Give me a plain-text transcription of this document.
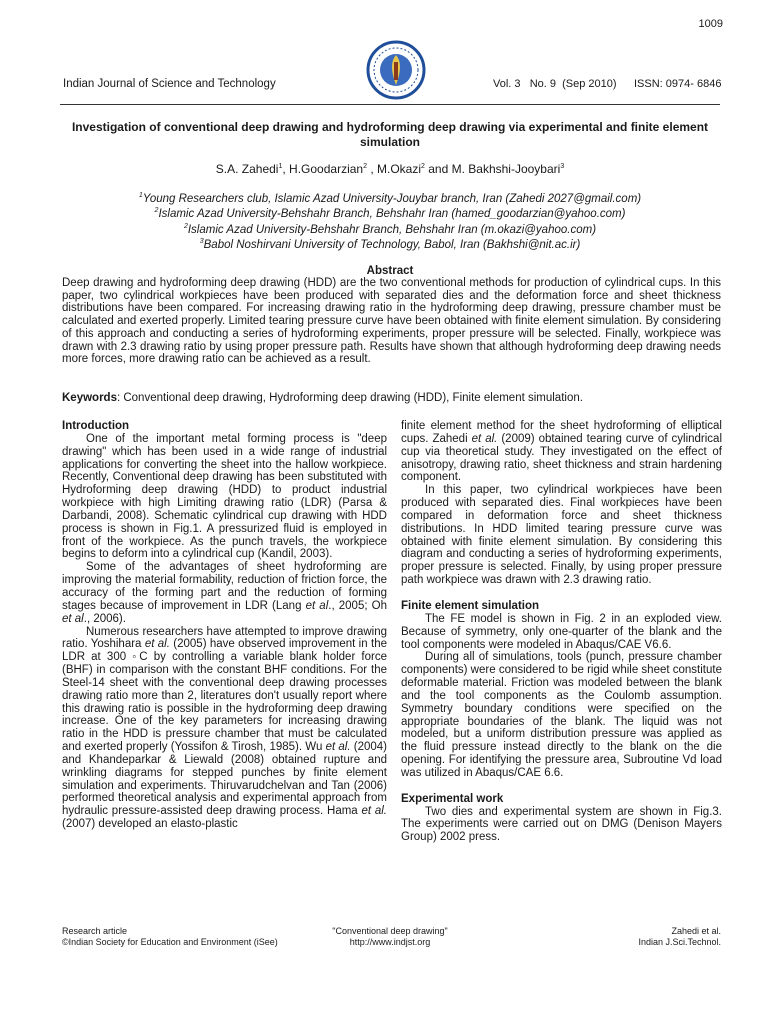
1009
Indian Journal of Science and Technology	Vol. 3   No. 9  (Sep 2010) ISSN: 0974- 6846
Investigation of conventional deep drawing and hydroforming deep drawing via experimental and finite element simulation
S.A. Zahedi$^1$, H.Goodarzian$^2$ , M.Okazi$^2$ and M. Bakhshi-Jooybari$^3$
$^1$Young Researchers club, Islamic Azad University-Jouybar branch, Iran (Zahedi 2027@gmail.com)
$^2$Islamic Azad University-Behshahr Branch, Behshahr Iran (hamed_goodarzian@yahoo.com)
$^2$Islamic Azad University-Behshahr Branch, Behshahr Iran (m.okazi@yahoo.com)
$^3$Babol Noshirvani University of Technology, Babol, Iran (Bakhshi@nit.ac.ir)
Abstract
Deep drawing and hydroforming deep drawing (HDD) are the two conventional methods for production of cylindrical cups. In this paper, two cylindrical workpieces have been produced with separated dies and the deformation force and sheet thickness distributions have been compared. For increasing drawing ratio in the hydroforming deep drawing, pressure chamber must be calculated and exerted properly. Limited tearing pressure curve have been obtained with finite element simulation. By considering of this approach and conducting a series of hydroforming experiments, proper pressure will be selected. Finally, workpiece was drawn with 2.3 drawing ratio by using proper pressure path. Results have shown that although hydroforming deep drawing needs more forces, more drawing ratio can be achieved as a result.
Keywords: Conventional deep drawing, Hydroforming deep drawing (HDD), Finite element simulation.

Introduction

One of the important metal forming process is "deep drawing" which has been used in a wide range of industrial applications for converting the sheet into the hallow workpiece. Recently, Conventional deep drawing has been substituted with Hydroforming deep drawing (HDD) to product industrial workpiece with high Limiting drawing ratio (LDR) (Parsa & Darbandi, 2008). Schematic cylindrical cup drawing with HDD process is shown in Fig.1. A pressurized fluid is employed in front of the workpiece. As the punch travels, the workpiece begins to deform into a cylindrical cup (Kandil, 2003).

Some of the advantages of sheet hydroforming are improving the material formability, reduction of friction force, the accuracy of the forming part and the reduction of forming stages because of improvement in LDR (Lang et al., 2005; Oh et al., 2006).

Numerous researchers have attempted to improve drawing ratio. Yoshihara et al. (2005) have observed improvement in the LDR at 300 ◦C by controlling a variable blank holder force (BHF) in comparison with the constant BHF conditions. For the Steel-14 sheet with the conventional deep drawing processes drawing ratio more than 2, literatures don't usually report where this drawing ratio is possible in the hydroforming deep drawing increase. One of the key parameters for increasing drawing ratio in the HDD is pressure chamber that must be calculated and exerted properly (Yossifon & Tirosh, 1985). Wu et al. (2004) and Khandeparkar & Liewald (2008) obtained rupture and wrinkling diagrams for stepped punches by finite element simulation and experiments. Thiruvarudchelvan and Tan (2006) performed theoretical analysis and experimental approach from hydraulic pressure-assisted deep drawing process. Hama et al. (2007) developed an elasto-plastic

finite element method for the sheet hydroforming of elliptical cups. Zahedi et al. (2009) obtained tearing curve of cylindrical cup via theoretical study. They investigated on the effect of anisotropy, drawing ratio, sheet thickness and strain hardening component.

In this paper, two cylindrical workpieces have been produced with separated dies. Final workpieces have been compared in deformation force and sheet thickness distributions. In HDD limited tearing pressure curve was obtained with finite element simulation. By considering this diagram and conducting a series of hydroforming experiments, proper pressure is selected. Finally, by using proper pressure path workpiece was drawn with 2.3 drawing ratio.

Finite element simulation

The FE model is shown in Fig. 2 in an exploded view. Because of symmetry, only one-quarter of the blank and the tool components were modeled in Abaqus/CAE V6.6.

During all of simulations, tools (punch, pressure chamber components) were considered to be rigid while sheet constitute deformable material. Friction was modeled between the blank and the tool components as the Coulomb assumption. Symmetry boundary conditions were specified on the appropriate boundaries of the blank. The liquid was not modeled, but a uniform distribution pressure was applied as the fluid pressure instead directly to the blank on the die opening. For identifying the pressure area, Subroutine Vd load was utilized in Abaqus/CAE 6.6.

Experimental work

Two dies and experimental system are shown in Fig.3. The experiments were carried out on DMG (Denison Mayers Group) 2002 press.

Research article
©Indian Society for Education and Environment (iSee)
"Conventional deep drawing"
http://www.indjst.org
Zahedi et al.
Indian J.Sci.Technol.
